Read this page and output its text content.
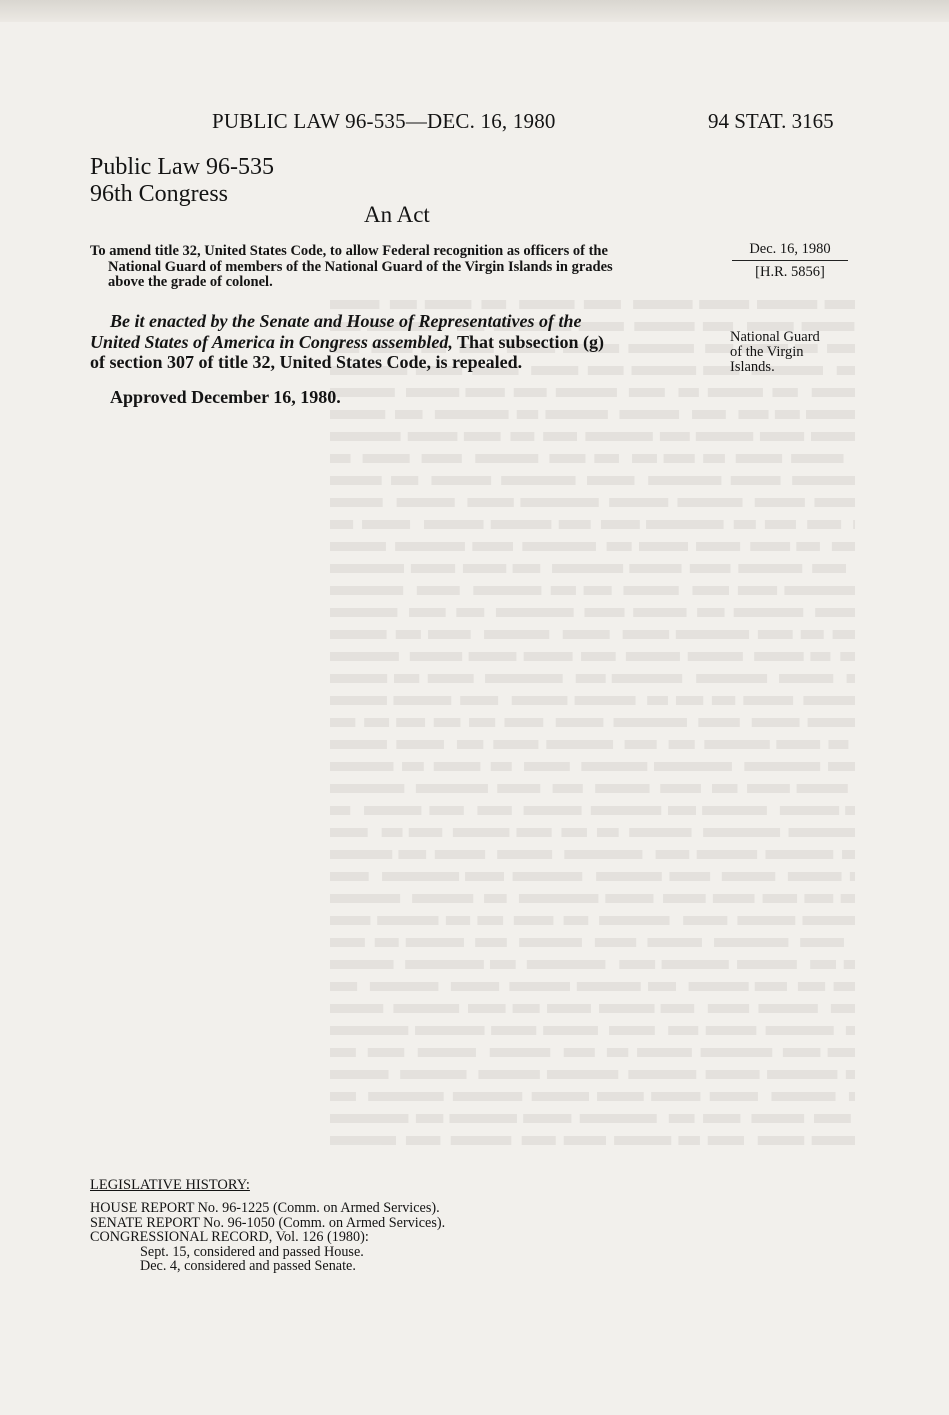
PUBLIC LAW 96-535—DEC. 16, 1980	94 STAT. 3165
Public Law 96-535
96th Congress
An Act
To amend title 32, United States Code, to allow Federal recognition as officers of the
National Guard of members of the National Guard of the Virgin Islands in grades
above the grade of colonel.
Dec. 16, 1980
[H.R. 5856]
Be it enacted by the Senate and House of Representatives of the
United States of America in Congress assembled, That subsection (g)
of section 307 of title 32, United States Code, is repealed.
National Guard
of the Virgin
Islands.
Approved December 16, 1980.
LEGISLATIVE HISTORY:
HOUSE REPORT No. 96-1225 (Comm. on Armed Services).
SENATE REPORT No. 96-1050 (Comm. on Armed Services).
CONGRESSIONAL RECORD, Vol. 126 (1980):
Sept. 15, considered and passed House.
Dec. 4, considered and passed Senate.
